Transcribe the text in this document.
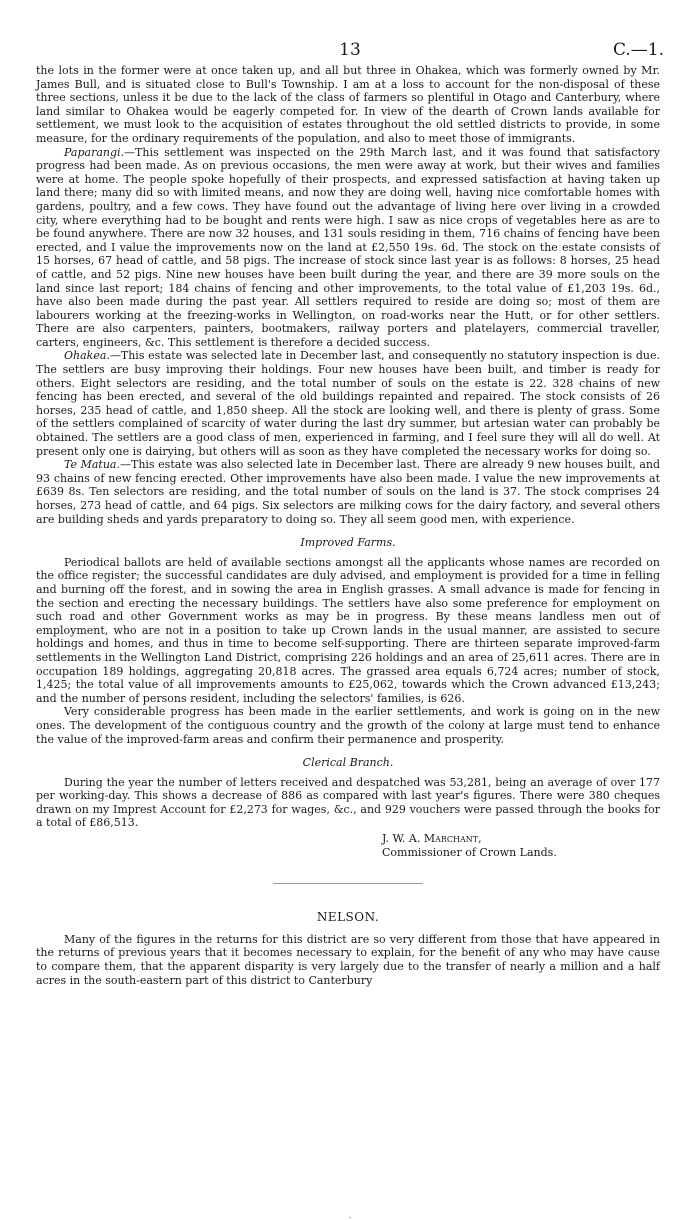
13	C.—1.

the lots in the former were at once taken up, and all but three in Ohakea, which was formerly owned by Mr. James Bull, and is situated close to Bull's Township. I am at a loss to account for the non-disposal of these three sections, unless it be due to the lack of the class of farmers so plentiful in Otago and Canterbury, where land similar to Ohakea would be eagerly competed for. In view of the dearth of Crown lands available for settlement, we must look to the acquisition of estates throughout the old settled districts to provide, in some measure, for the ordinary requirements of the population, and also to meet those of immigrants.

Paparangi.—This settlement was inspected on the 29th March last, and it was found that satisfactory progress had been made. As on previous occasions, the men were away at work, but their wives and families were at home. The people spoke hopefully of their prospects, and expressed satisfaction at having taken up land there; many did so with limited means, and now they are doing well, having nice comfortable homes with gardens, poultry, and a few cows. They have found out the advantage of living here over living in a crowded city, where everything had to be bought and rents were high. I saw as nice crops of vegetables here as are to be found anywhere. There are now 32 houses, and 131 souls residing in them, 716 chains of fencing have been erected, and I value the improvements now on the land at £2,550 19s. 6d. The stock on the estate consists of 15 horses, 67 head of cattle, and 58 pigs. The increase of stock since last year is as follows: 8 horses, 25 head of cattle, and 52 pigs. Nine new houses have been built during the year, and there are 39 more souls on the land since last report; 184 chains of fencing and other improvements, to the total value of £1,203 19s. 6d., have also been made during the past year. All settlers required to reside are doing so; most of them are labourers working at the freezing-works in Wellington, on road-works near the Hutt, or for other settlers. There are also carpenters, painters, bootmakers, railway porters and platelayers, commercial traveller, carters, engineers, &c. This settlement is therefore a decided success.

Ohakea.—This estate was selected late in December last, and consequently no statutory inspection is due. The settlers are busy improving their holdings. Four new houses have been built, and timber is ready for others. Eight selectors are residing, and the total number of souls on the estate is 22. 328 chains of new fencing has been erected, and several of the old buildings repainted and repaired. The stock consists of 26 horses, 235 head of cattle, and 1,850 sheep. All the stock are looking well, and there is plenty of grass. Some of the settlers complained of scarcity of water during the last dry summer, but artesian water can probably be obtained. The settlers are a good class of men, experienced in farming, and I feel sure they will all do well. At present only one is dairying, but others will as soon as they have completed the necessary works for doing so.

Te Matua.—This estate was also selected late in December last. There are already 9 new houses built, and 93 chains of new fencing erected. Other improvements have also been made. I value the new improvements at £639 8s. Ten selectors are residing, and the total number of souls on the land is 37. The stock comprises 24 horses, 273 head of cattle, and 64 pigs. Six selectors are milking cows for the dairy factory, and several others are building sheds and yards preparatory to doing so. They all seem good men, with experience.

Improved Farms.

Periodical ballots are held of available sections amongst all the applicants whose names are recorded on the office register; the successful candidates are duly advised, and employment is provided for a time in felling and burning off the forest, and in sowing the area in English grasses. A small advance is made for fencing in the section and erecting the necessary buildings. The settlers have also some preference for employment on such road and other Government works as may be in progress. By these means landless men out of employment, who are not in a position to take up Crown lands in the usual manner, are assisted to secure holdings and homes, and thus in time to become self-supporting. There are thirteen separate improved-farm settlements in the Wellington Land District, comprising 226 holdings and an area of 25,611 acres. There are in occupation 189 holdings, aggregating 20,818 acres. The grassed area equals 6,724 acres; number of stock, 1,425; the total value of all improvements amounts to £25,062, towards which the Crown advanced £13,243; and the number of persons resident, including the selectors' families, is 626.

Very considerable progress has been made in the earlier settlements, and work is going on in the new ones. The development of the contiguous country and the growth of the colony at large must tend to enhance the value of the improved-farm areas and confirm their permanence and prosperity.

Clerical Branch.

During the year the number of letters received and despatched was 53,281, being an average of over 177 per working-day. This shows a decrease of 886 as compared with last year's figures. There were 380 cheques drawn on my Imprest Account for £2,273 for wages, &c., and 929 vouchers were passed through the books for a total of £86,513.

J. W. A. Marchant,
Commissioner of Crown Lands.
NELSON.

Many of the figures in the returns for this district are so very different from those that have appeared in the returns of previous years that it becomes necessary to explain, for the benefit of any who may have cause to compare them, that the apparent disparity is very largely due to the transfer of nearly a million and a half acres in the south-eastern part of this district to Canterbury

.
